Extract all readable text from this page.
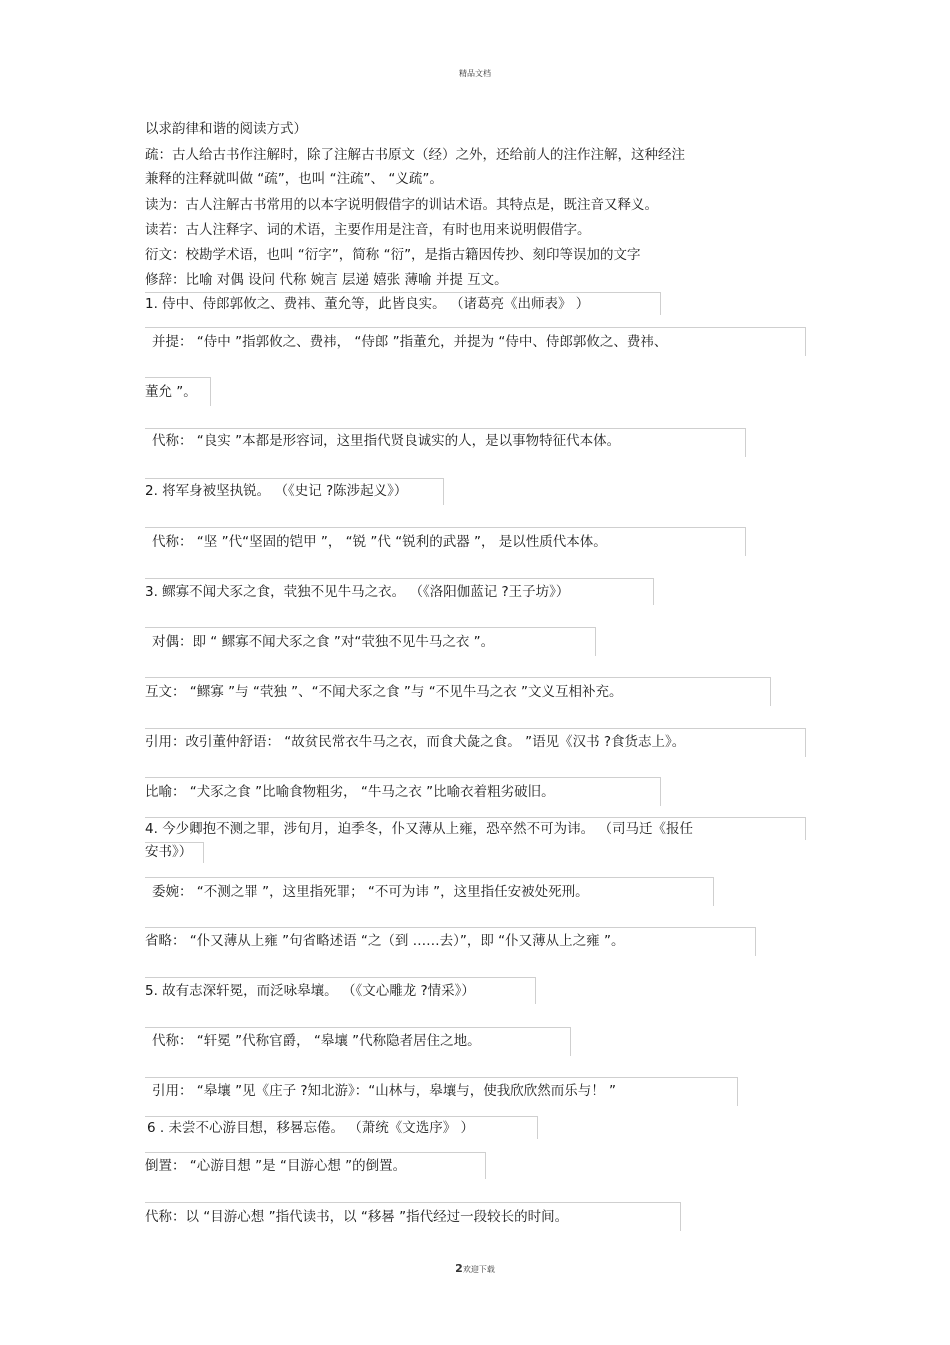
精品文档
以求韵律和谐的阅读方式）
疏：古人给古书作注解时，除了注解古书原文（经）之外，还给前人的注作注解，这种经注
兼释的注释就叫做 “疏”，也叫 “注疏”、 “义疏”。
读为：古人注解古书常用的以本字说明假借字的训诂术语。其特点是，既注音又释义。
读若：古人注释字、词的术语，主要作用是注音，有时也用来说明假借字。
衍文：校勘学术语，也叫 “衍字”，简称 “衍”，是指古籍因传抄、刻印等误加的文字
修辞：比喻 对偶 设问 代称 婉言 层递 嬉张 薄喻 并提 互文。
1. 侍中、侍郎郭攸之、费祎、董允等，此皆良实。 （诸葛亮《出师表》 ）
并提： “侍中 ”指郭攸之、费祎， “侍郎 ”指董允，并提为 “侍中、侍郎郭攸之、费祎、
董允 ”。
代称： “良实 ”本都是形容词，这里指代贤良诚实的人，是以事物特征代本体。
2. 将军身被坚执锐。 （《史记 ?陈涉起义》）
代称： “坚 ”代“坚固的铠甲 ”， “锐 ”代 “锐利的武器 ”， 是以性质代本体。
3. 鳏寡不闻犬豕之食，茕独不见牛马之衣。 （《洛阳伽蓝记 ?王子坊》）
对偶：即 “ 鳏寡不闻犬豕之食 ”对“茕独不见牛马之衣 ”。
互文： “鳏寡 ”与 “茕独 ”、“不闻犬豕之食 ”与 “不见牛马之衣 ”文义互相补充。
引用：改引董仲舒语： “故贫民常衣牛马之衣，而食犬彘之食。 ”语见《汉书 ?食货志上》。
比喻： “犬豕之食 ”比喻食物粗劣， “牛马之衣 ”比喻衣着粗劣破旧。
4. 今少卿抱不测之罪，涉旬月，迫季冬，仆又薄从上雍，恐卒然不可为讳。 （司马迁《报任
安书》）
委婉： “不测之罪 ”，这里指死罪； “不可为讳 ”，这里指任安被处死刑。
省略： “仆又薄从上雍 ”句省略述语 “之（到 ……去）”，即 “仆又薄从上之雍 ”。
5. 故有志深轩冕，而泛咏皋壤。 （《文心雕龙 ?情采》）
代称： “轩冕 ”代称官爵， “皋壤 ”代称隐者居住之地。
引用： “皋壤 ”见《庄子 ?知北游》：“山林与，皋壤与，使我欣欣然而乐与！ ”
6 . 未尝不心游目想，移晷忘倦。 （萧统《文选序》 ）
倒置： “心游目想 ”是 “目游心想 ”的倒置。
代称：以 “目游心想 ”指代读书，以 “移晷 ”指代经过一段较长的时间。
2欢迎下载
